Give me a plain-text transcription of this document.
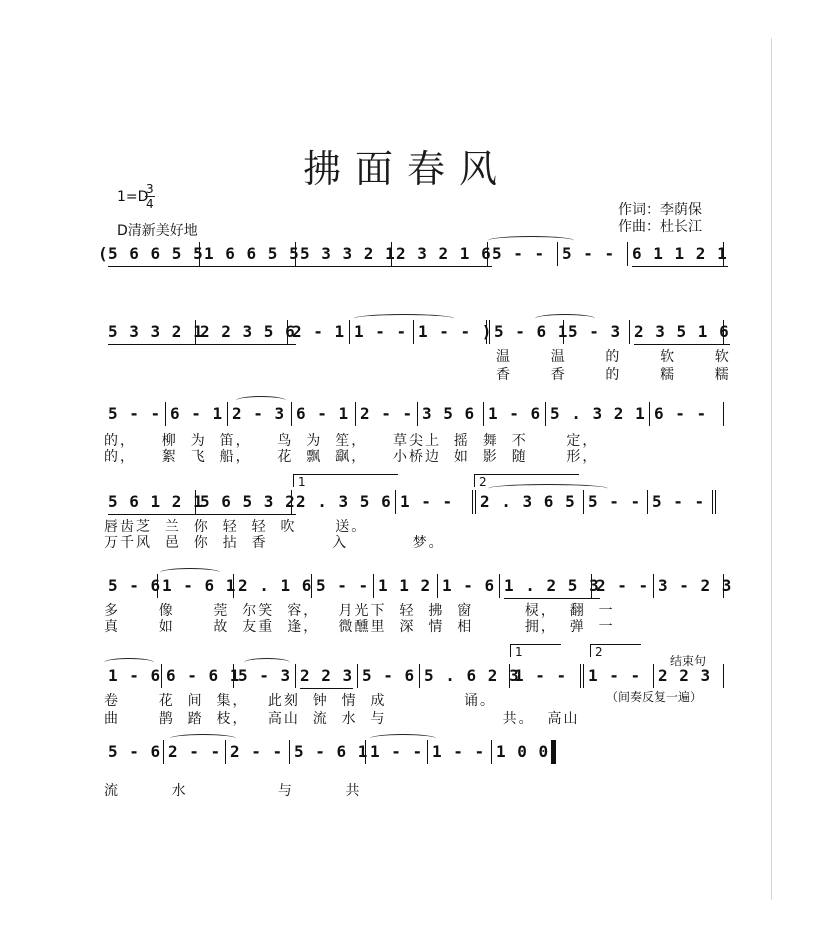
拂面春风
1=D
3
4
D清新美好地
作词：李荫保
作曲：杜长江

(

5 6 6 5 5

1 6 6 5 5

5 3 3 2 1

2 3 2 1 6

5 - -

	5 - -

	6 1 1 2 1

5 3 3 2 1

2 2 3 5 6

2 - 1

1 - -

1 - - )

5 - 6 1

5 - 3

2 3 5 1 6

温      温      的      软      软
香      香      的      糯      糯

5 - -

6 - 1

2 - 3

6 - 1

2 - -

3 5 6

1 - 6

5 . 3 2 1

6 - -

的，    柳  为  笛，    鸟  为  笙，    草尖上  摇  舞  不      定，
的，    絮  飞  船，    花  飘  飖，    小桥边  如  影  随      形，
1	2

5 6 1 2 1

5 6 5 3 2

2 . 3 5 6

1 - -

	2 . 3 6 5

5 - -

5 - -

唇齿芝  兰  你  轻  轻  吹      送。
万千风  邑  你  拈  香          入          梦。

5 - 6

1 - 6 1

2 . 1 6

5 - -

1 1 2

1 - 6

1 . 2 5 3

2 - -

3 - 2 3

多      像      莞  尔笑  容，   月光下  轻  拂  窗        棂，  翻  一
真      如      故  友重  逢，   微醺里  深  情  相        拥，  弹  一
1	2
结束句

1 - 6

6 - 6 1

5 - 3

2 2 3

5 - 6

5 . 6 2 3

1 - -

	1 - -

	2 2 3

卷      花  间  集，   此刻  钟  情  成            诵。	（间奏反复一遍）
曲      鹊  踏  枝，   高山  流  水  与                  共。  高山

5 - 6

2 - -

2 - -

5 - 6 1

1 - -

1 - -

1 0 0

流        水              与        共
